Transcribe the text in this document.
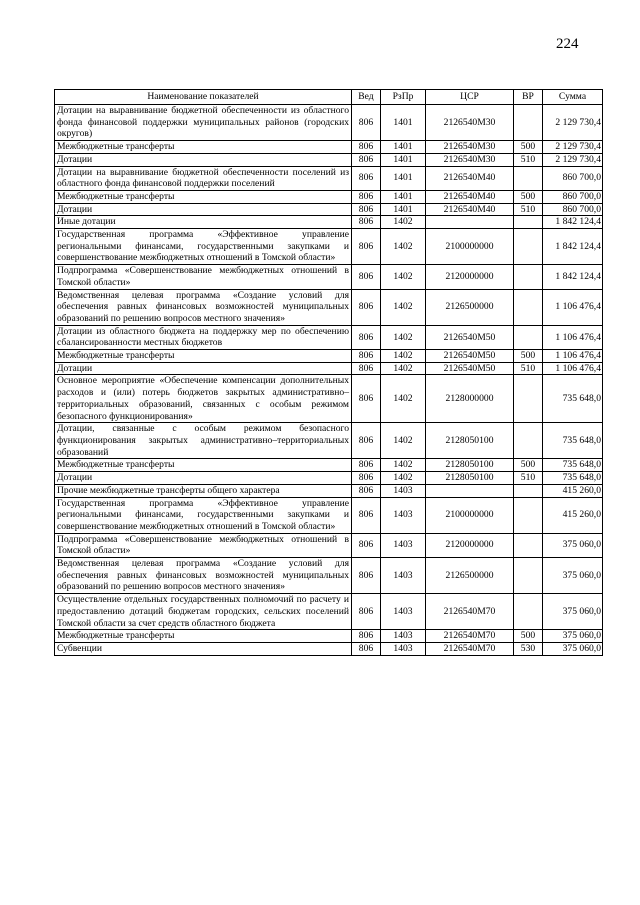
224
Наименование показателей	Вед	РзПр	ЦСР	ВР	Сумма
Дотации на выравнивание бюджетной обеспеченности из областного фонда финансовой поддержки муниципальных районов (городских округов)	806	1401	2126540М30		2 129 730,4
Межбюджетные трансферты	806	1401	2126540М30	500	2 129 730,4
Дотации	806	1401	2126540М30	510	2 129 730,4
Дотации на выравнивание бюджетной обеспеченности поселений из областного фонда финансовой поддержки поселений	806	1401	2126540М40		860 700,0
Межбюджетные трансферты	806	1401	2126540М40	500	860 700,0
Дотации	806	1401	2126540М40	510	860 700,0
Иные дотации	806	1402			1 842 124,4
Государственная программа «Эффективное управление региональными финансами, государственными закупками и совершенствование межбюджетных отношений в Томской области»	806	1402	2100000000		1 842 124,4
Подпрограмма «Совершенствование межбюджетных отношений в Томской области»	806	1402	2120000000		1 842 124,4
Ведомственная целевая программа «Создание условий для обеспечения равных финансовых возможностей муниципальных образований по решению вопросов местного значения»	806	1402	2126500000		1 106 476,4
Дотации из областного бюджета на поддержку мер по обеспечению сбалансированности местных бюджетов	806	1402	2126540М50		1 106 476,4
Межбюджетные трансферты	806	1402	2126540М50	500	1 106 476,4
Дотации	806	1402	2126540М50	510	1 106 476,4
Основное мероприятие «Обеспечение компенсации дополнительных расходов и (или) потерь бюджетов закрытых административно–территориальных образований, связанных с особым режимом безопасного функционирования»	806	1402	2128000000		735 648,0
Дотации, связанные с особым режимом безопасного функционирования закрытых административно–территориальных образований	806	1402	2128050100		735 648,0
Межбюджетные трансферты	806	1402	2128050100	500	735 648,0
Дотации	806	1402	2128050100	510	735 648,0
Прочие межбюджетные трансферты общего характера	806	1403			415 260,0
Государственная программа «Эффективное управление региональными финансами, государственными закупками и совершенствование межбюджетных отношений в Томской области»	806	1403	2100000000		415 260,0
Подпрограмма «Совершенствование межбюджетных отношений в Томской области»	806	1403	2120000000		375 060,0
Ведомственная целевая программа «Создание условий для обеспечения равных финансовых возможностей муниципальных образований по решению вопросов местного значения»	806	1403	2126500000		375 060,0
Осуществление отдельных государственных полномочий по расчету и предоставлению дотаций бюджетам городских, сельских поселений Томской области за счет средств областного бюджета	806	1403	2126540М70		375 060,0
Межбюджетные трансферты	806	1403	2126540М70	500	375 060,0
Субвенции	806	1403	2126540М70	530	375 060,0
